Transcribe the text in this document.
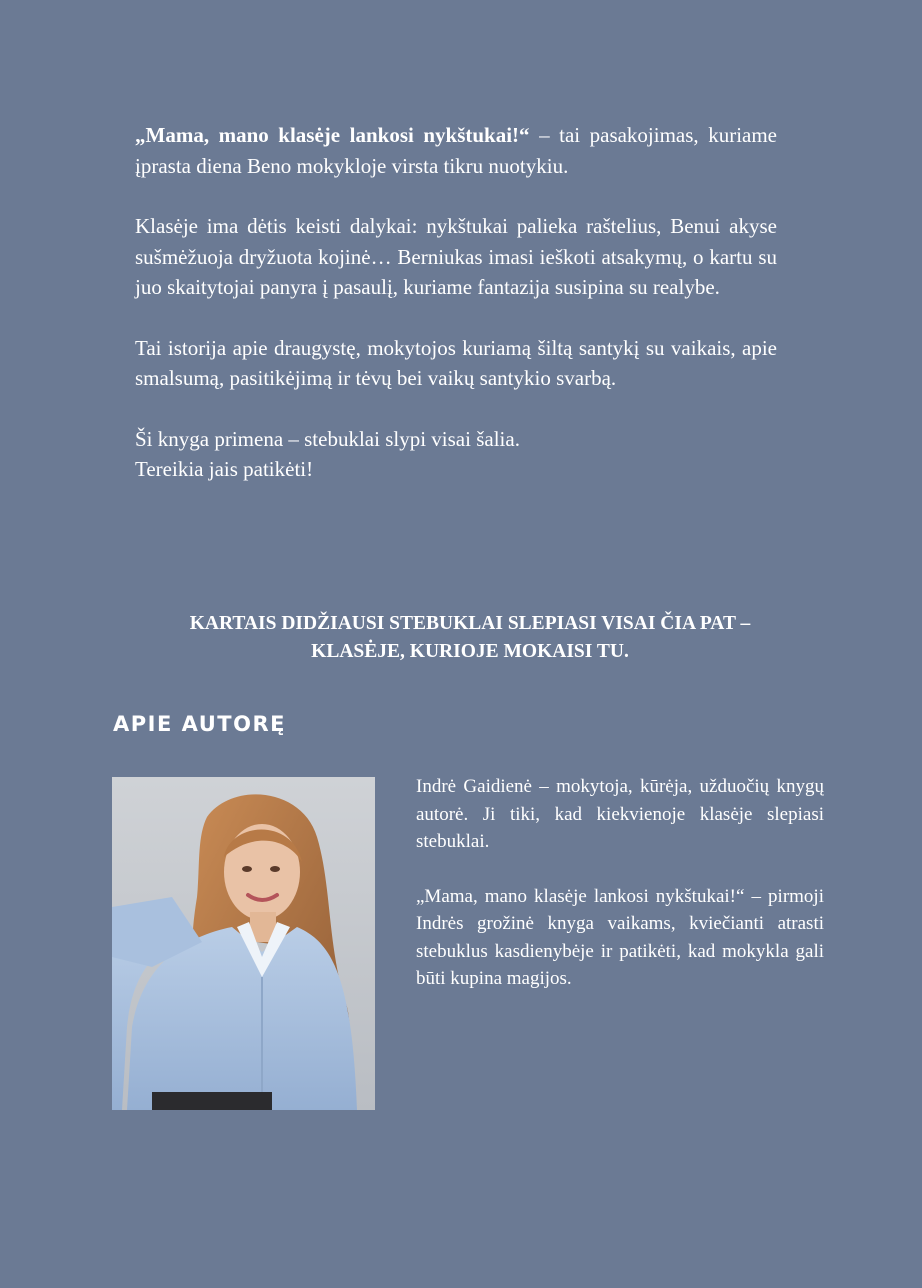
„Mama, mano klasėje lankosi nykštukai!“ – tai pasakojimas, kuriame įprasta diena Beno mokykloje virsta tikru nuotykiu.

Klasėje ima dėtis keisti dalykai: nykštukai palieka raštelius, Benui akyse sušmėžuoja dryžuota kojinė… Berniukas imasi ieškoti atsakymų, o kartu su juo skaitytojai panyra į pasaulį, kuriame fantazija susipina su realybe.

Tai istorija apie draugystę, mokytojos kuriamą šiltą santykį su vaikais, apie smalsumą, pasitikėjimą ir tėvų bei vaikų santykio svarbą.

Ši knyga primena – stebuklai slypi visai šalia.
Tereikia jais patikėti!

KARTAIS DIDŽIAUSI STEBUKLAI SLEPIASI VISAI ČIA PAT –
KLASĖJE, KURIOJE MOKAISI TU.
APIE AUTORĘ

Indrė Gaidienė – mokytoja, kūrėja, užduočių knygų autorė. Ji tiki, kad kiekvienoje klasėje slepiasi stebuklai.

„Mama, mano klasėje lankosi nykštukai!“ – pirmoji Indrės grožinė knyga vaikams, kviečianti atrasti stebuklus kasdienybėje ir patikėti, kad mokykla gali būti kupina magijos.
